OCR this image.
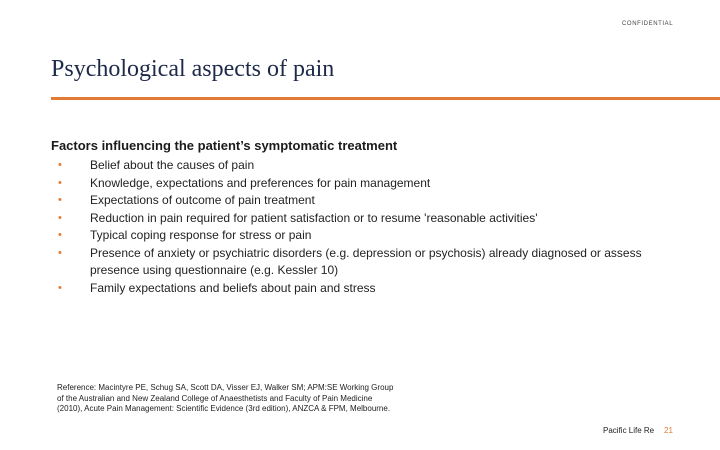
CONFIDENTIAL
Psychological aspects of pain
Factors influencing the patient’s symptomatic treatment
• Belief about the causes of pain
• Knowledge, expectations and preferences for pain management
• Expectations of outcome of pain treatment
• Reduction in pain required for patient satisfaction or to resume 'reasonable activities'
• Typical coping response for stress or pain
• Presence of anxiety or psychiatric disorders (e.g. depression or psychosis) already diagnosed or assess presence using questionnaire (e.g. Kessler 10)
• Family expectations and beliefs about pain and stress
Reference: Macintyre PE, Schug SA, Scott DA, Visser EJ, Walker SM; APM:SE Working Group of the Australian and New Zealand College of Anaesthetists and Faculty of Pain Medicine (2010), Acute Pain Management: Scientific Evidence (3rd edition), ANZCA & FPM, Melbourne.
Pacific Life Re 21
